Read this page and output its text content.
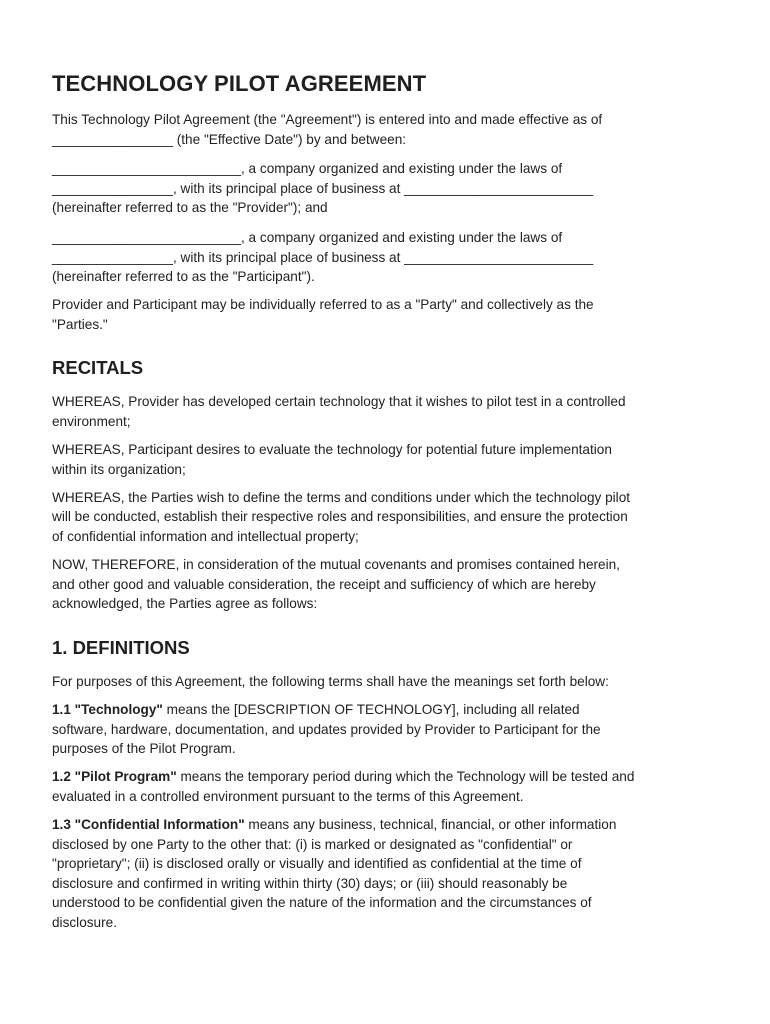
TECHNOLOGY PILOT AGREEMENT

This Technology Pilot Agreement (the "Agreement") is entered into and made effective as of
________________ (the "Effective Date") by and between:

_________________________, a company organized and existing under the laws of
________________, with its principal place of business at _________________________
(hereinafter referred to as the "Provider"); and

_________________________, a company organized and existing under the laws of
________________, with its principal place of business at _________________________
(hereinafter referred to as the "Participant").

Provider and Participant may be individually referred to as a "Party" and collectively as the
"Parties."

RECITALS

WHEREAS, Provider has developed certain technology that it wishes to pilot test in a controlled
environment;

WHEREAS, Participant desires to evaluate the technology for potential future implementation
within its organization;

WHEREAS, the Parties wish to define the terms and conditions under which the technology pilot
will be conducted, establish their respective roles and responsibilities, and ensure the protection
of confidential information and intellectual property;

NOW, THEREFORE, in consideration of the mutual covenants and promises contained herein,
and other good and valuable consideration, the receipt and sufficiency of which are hereby
acknowledged, the Parties agree as follows:

1. DEFINITIONS

For purposes of this Agreement, the following terms shall have the meanings set forth below:

1.1 "Technology" means the [DESCRIPTION OF TECHNOLOGY], including all related
software, hardware, documentation, and updates provided by Provider to Participant for the
purposes of the Pilot Program.

1.2 "Pilot Program" means the temporary period during which the Technology will be tested and
evaluated in a controlled environment pursuant to the terms of this Agreement.

1.3 "Confidential Information" means any business, technical, financial, or other information
disclosed by one Party to the other that: (i) is marked or designated as "confidential" or
"proprietary"; (ii) is disclosed orally or visually and identified as confidential at the time of
disclosure and confirmed in writing within thirty (30) days; or (iii) should reasonably be
understood to be confidential given the nature of the information and the circumstances of
disclosure.
